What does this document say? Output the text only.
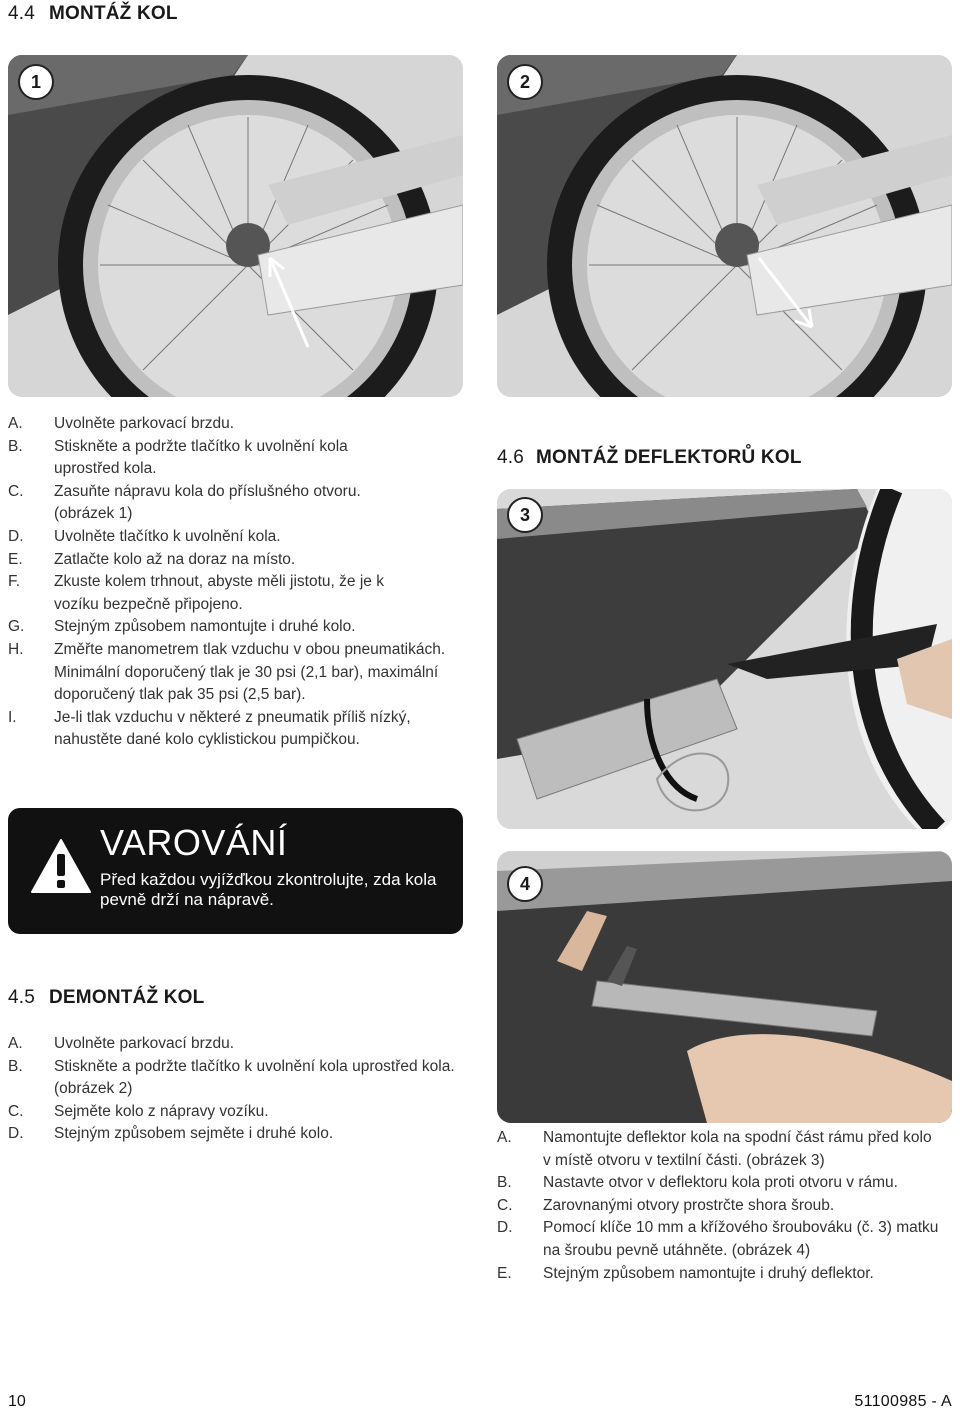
4.4 MONTÁŽ KOL
1	2
A.	Uvolněte parkovací brzdu.
B.	Stiskněte a podržte tlačítko k uvolnění kola uprostřed kola.
C.	Zasuňte nápravu kola do příslušného otvoru. (obrázek 1)
D.	Uvolněte tlačítko k uvolnění kola.
E.	Zatlačte kolo až na doraz na místo.
F.	Zkuste kolem trhnout, abyste měli jistotu, že je k vozíku bezpečně připojeno.
G.	Stejným způsobem namontujte i druhé kolo.
H.	Změřte manometrem tlak vzduchu v obou pneumatikách. Minimální doporučený tlak je 30 psi (2,1 bar), maximální doporučený tlak pak 35 psi (2,5 bar).
I.	Je-li tlak vzduchu v některé z pneumatik příliš nízký, nahustěte dané kolo cyklistickou pumpičkou.
VAROVÁNÍ
Před každou vyjížďkou zkontrolujte, zda kola pevně drží na nápravě.
4.5 DEMONTÁŽ KOL
A.	Uvolněte parkovací brzdu.
B.	Stiskněte a podržte tlačítko k uvolnění kola uprostřed kola. (obrázek 2)
C.	Sejměte kolo z nápravy vozíku.
D.	Stejným způsobem sejměte i druhé kolo.
4.6 MONTÁŽ DEFLEKTORŮ KOL
3
4
A.	Namontujte deflektor kola na spodní část rámu před kolo v místě otvoru v textilní části. (obrázek 3)
B.	Nastavte otvor v deflektoru kola proti otvoru v rámu.
C.	Zarovnanými otvory prostrčte shora šroub.
D.	Pomocí klíče 10 mm a křížového šroubováku (č. 3) matku na šroubu pevně utáhněte. (obrázek 4)
E.	Stejným způsobem namontujte i druhý deflektor.
10	51100985 - A
